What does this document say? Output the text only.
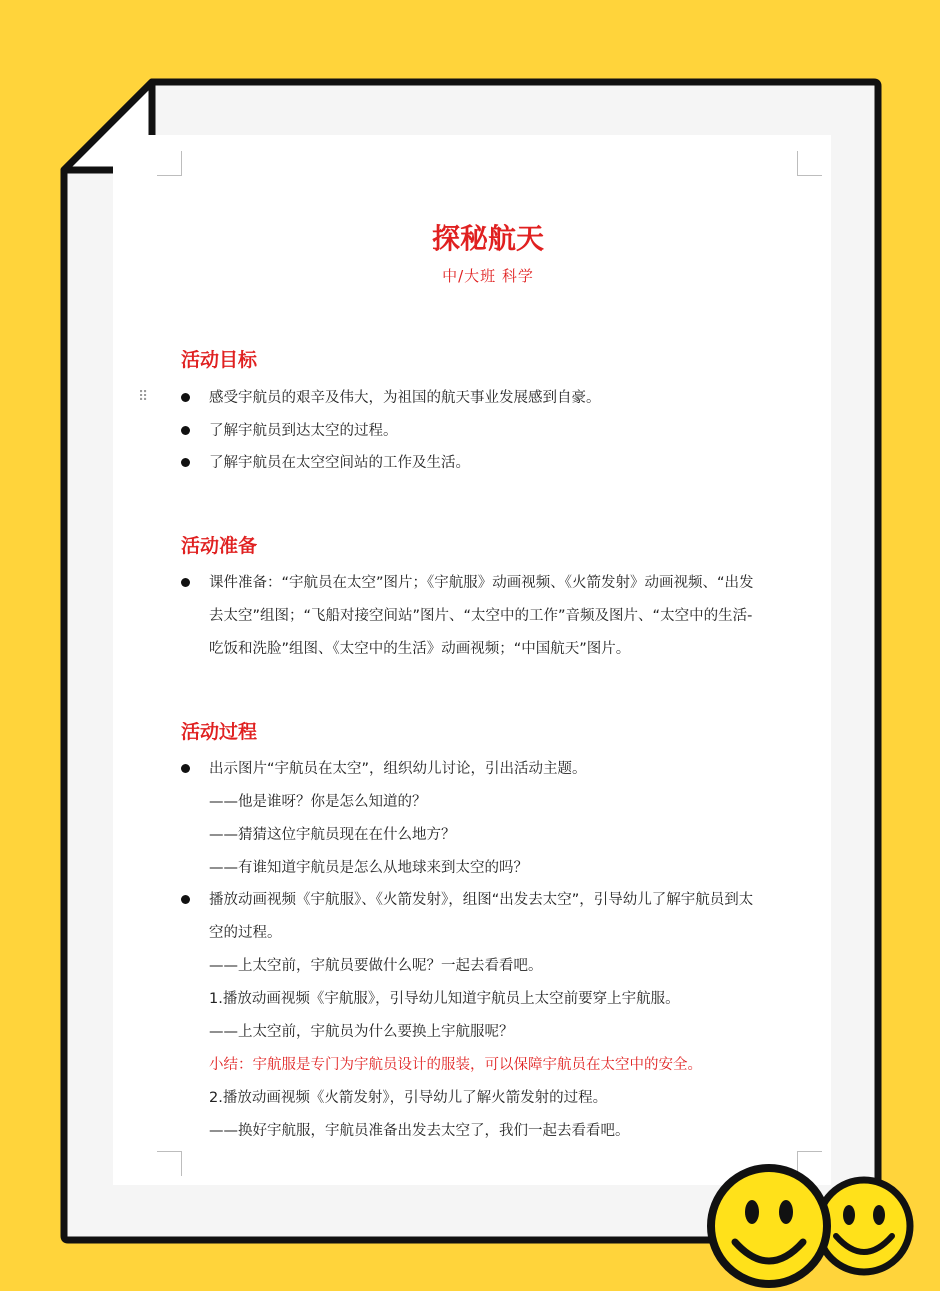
探秘航天
中/大班 科学
⠿
活动目标
感受宇航员的艰辛及伟大，为祖国的航天事业发展感到自豪。
了解宇航员到达太空的过程。
了解宇航员在太空空间站的工作及生活。
活动准备
课件准备：“宇航员在太空”图片；《宇航服》动画视频、《火箭发射》动画视频、“出发
去太空”组图；“飞船对接空间站”图片、“太空中的工作”音频及图片、“太空中的生活-
吃饭和洗脸”组图、《太空中的生活》动画视频；“中国航天”图片。
活动过程
出示图片“宇航员在太空”，组织幼儿讨论，引出活动主题。
——他是谁呀？你是怎么知道的？
——猜猜这位宇航员现在在什么地方？
——有谁知道宇航员是怎么从地球来到太空的吗？
播放动画视频《宇航服》、《火箭发射》，组图“出发去太空”，引导幼儿了解宇航员到太
空的过程。
——上太空前，宇航员要做什么呢？一起去看看吧。
1.播放动画视频《宇航服》，引导幼儿知道宇航员上太空前要穿上宇航服。
——上太空前，宇航员为什么要换上宇航服呢？
小结：宇航服是专门为宇航员设计的服装，可以保障宇航员在太空中的安全。
2.播放动画视频《火箭发射》，引导幼儿了解火箭发射的过程。
——换好宇航服，宇航员准备出发去太空了，我们一起去看看吧。
